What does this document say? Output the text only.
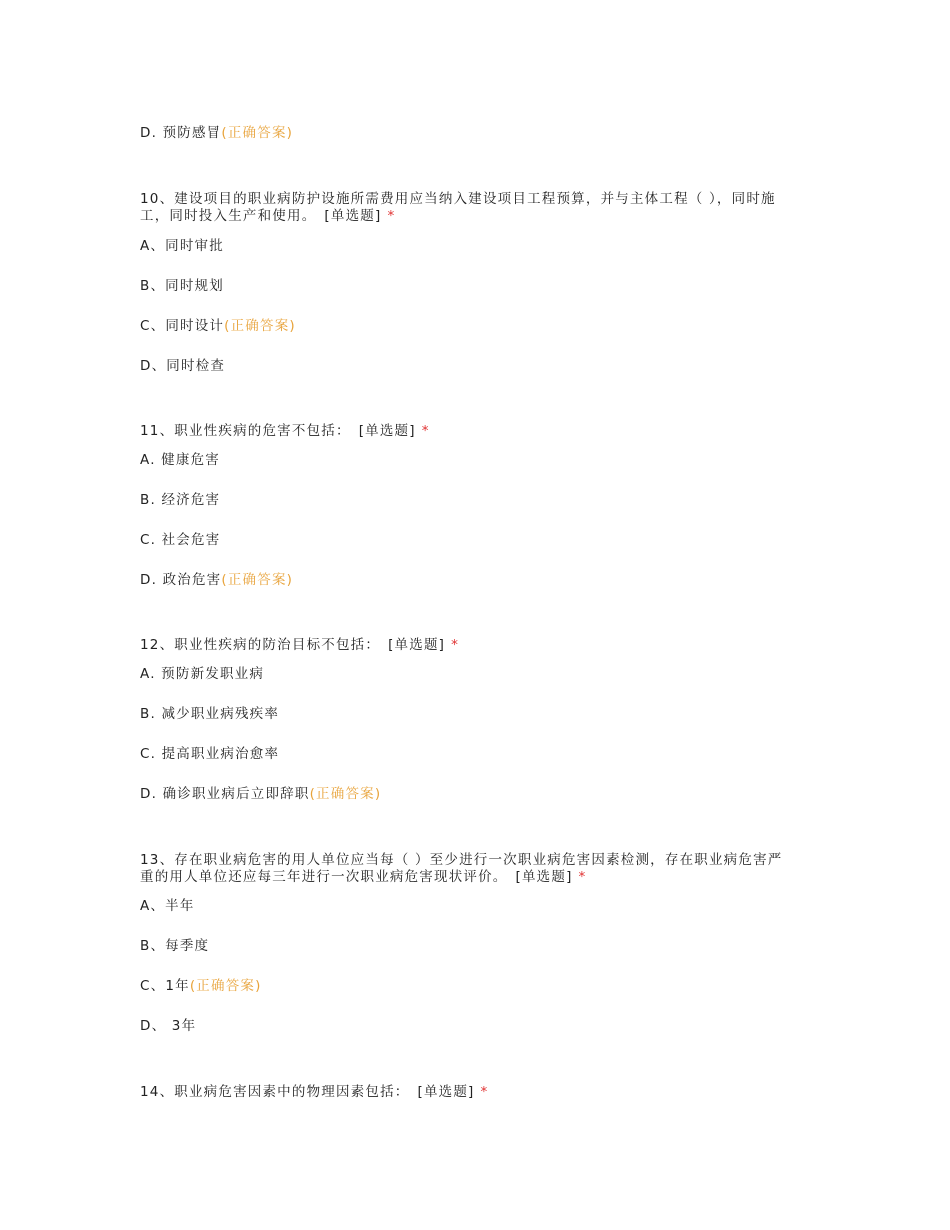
D. 预防感冒(正确答案)
10、建设项目的职业病防护设施所需费用应当纳入建设项目工程预算，并与主体工程（ ），同时施
工，同时投入生产和使用。 [单选题] *
A、同时审批
B、同时规划
C、同时设计(正确答案)
D、同时检查
11、职业性疾病的危害不包括： [单选题] *
A. 健康危害
B. 经济危害
C. 社会危害
D. 政治危害(正确答案)
12、职业性疾病的防治目标不包括： [单选题] *
A. 预防新发职业病
B. 减少职业病残疾率
C. 提高职业病治愈率
D. 确诊职业病后立即辞职(正确答案)
13、存在职业病危害的用人单位应当每（ ）至少进行一次职业病危害因素检测，存在职业病危害严
重的用人单位还应每三年进行一次职业病危害现状评价。 [单选题] *
A、半年
B、每季度
C、1年(正确答案)
D、 3年
14、职业病危害因素中的物理因素包括： [单选题] *
